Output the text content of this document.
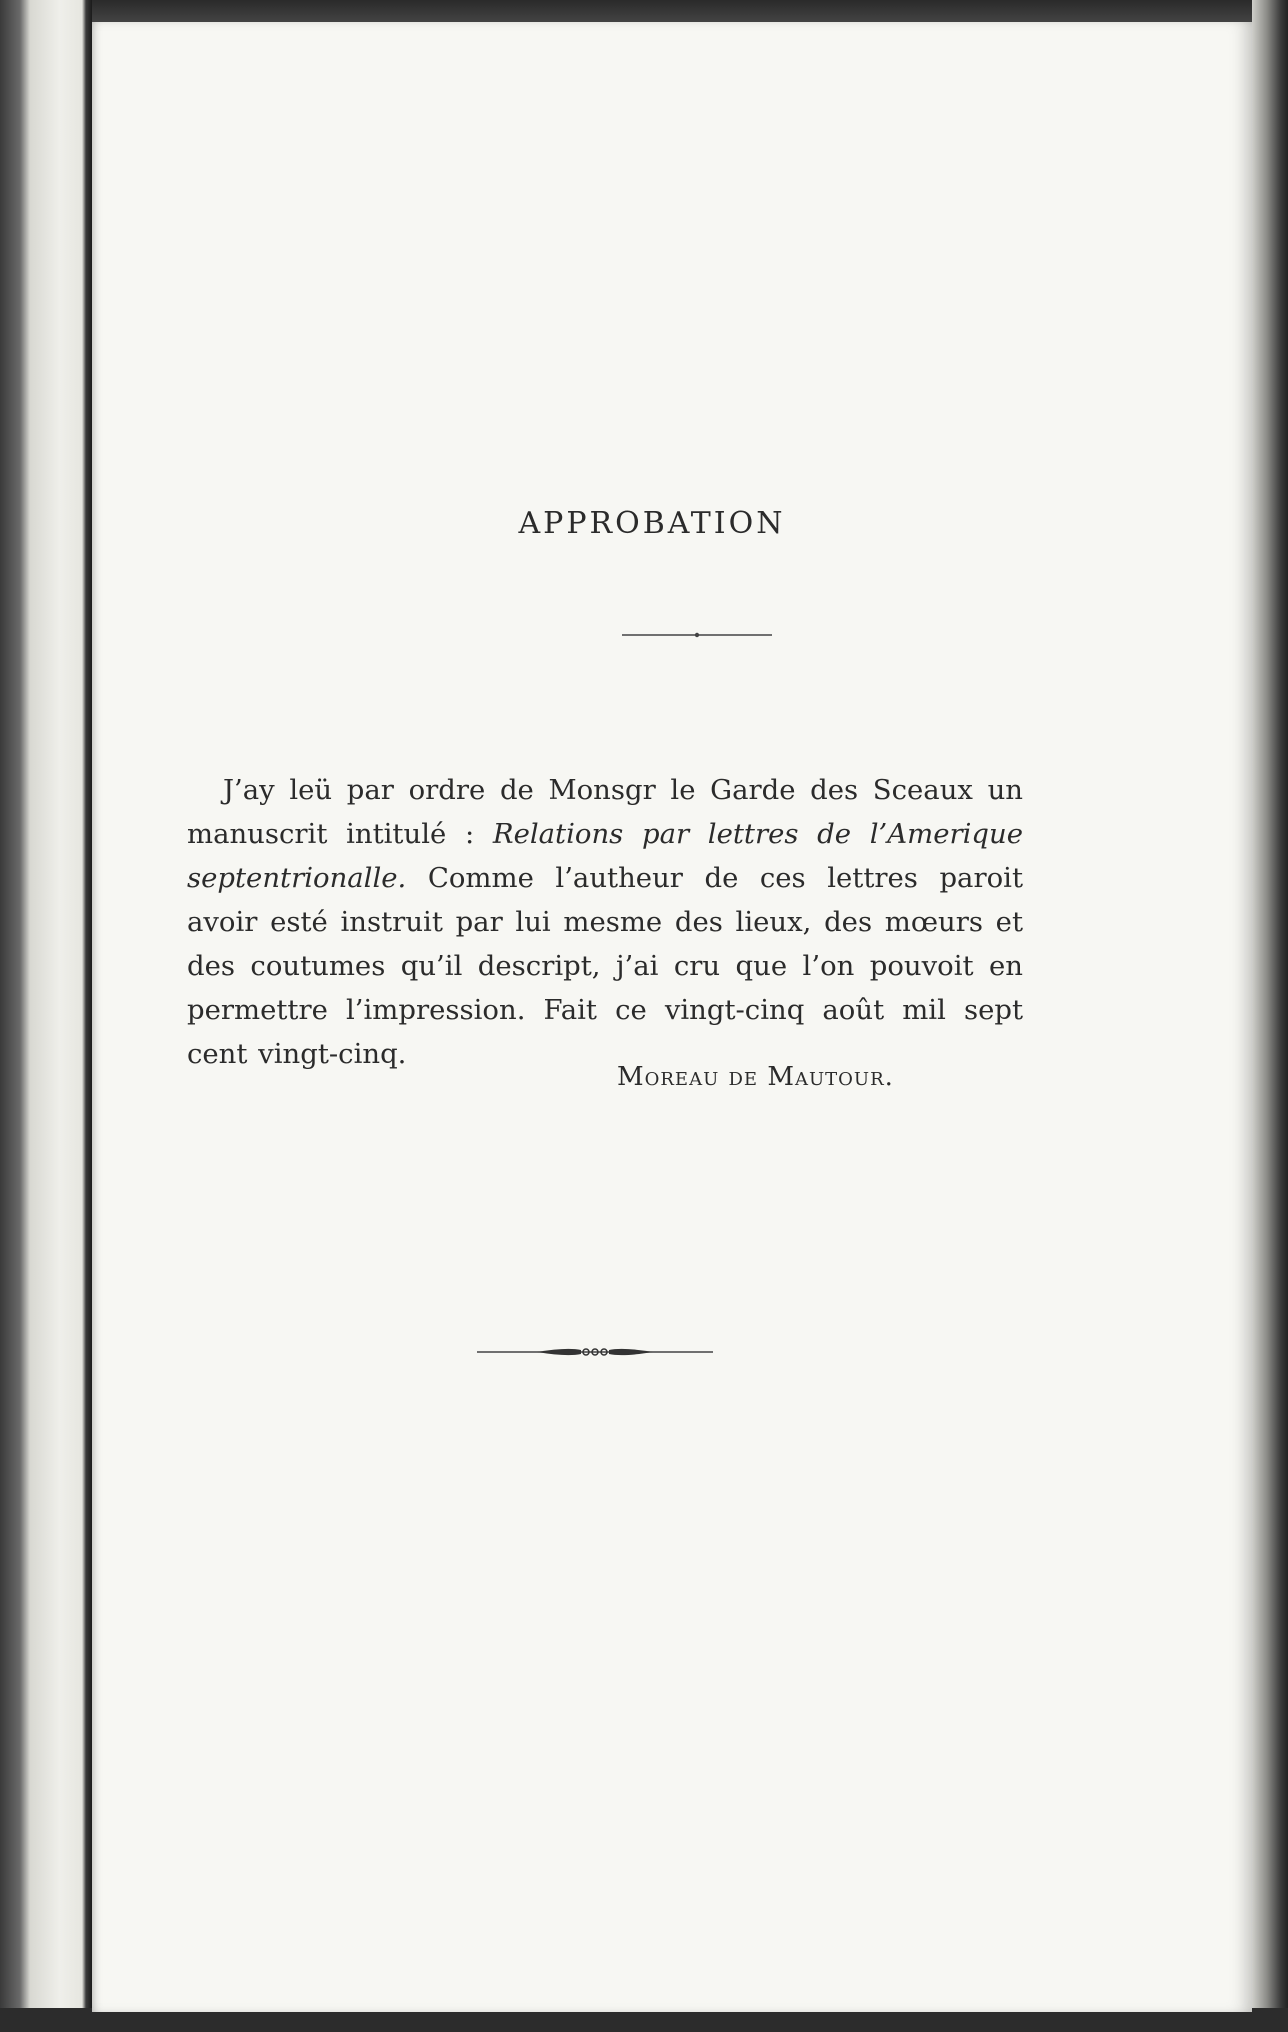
APPROBATION

J’ay leü par ordre de Monsgr le Garde des Sceaux un manuscrit intitulé : Relations par lettres de l’Amerique septentrionalle. Comme l’autheur de ces lettres paroit avoir esté instruit par lui mesme des lieux, des mœurs et des coutumes qu’il descript, j’ai cru que l’on pouvoit en permettre l’impression. Fait ce vingt-cinq août mil sept cent vingt-cinq.

Moreau de Mautour.
